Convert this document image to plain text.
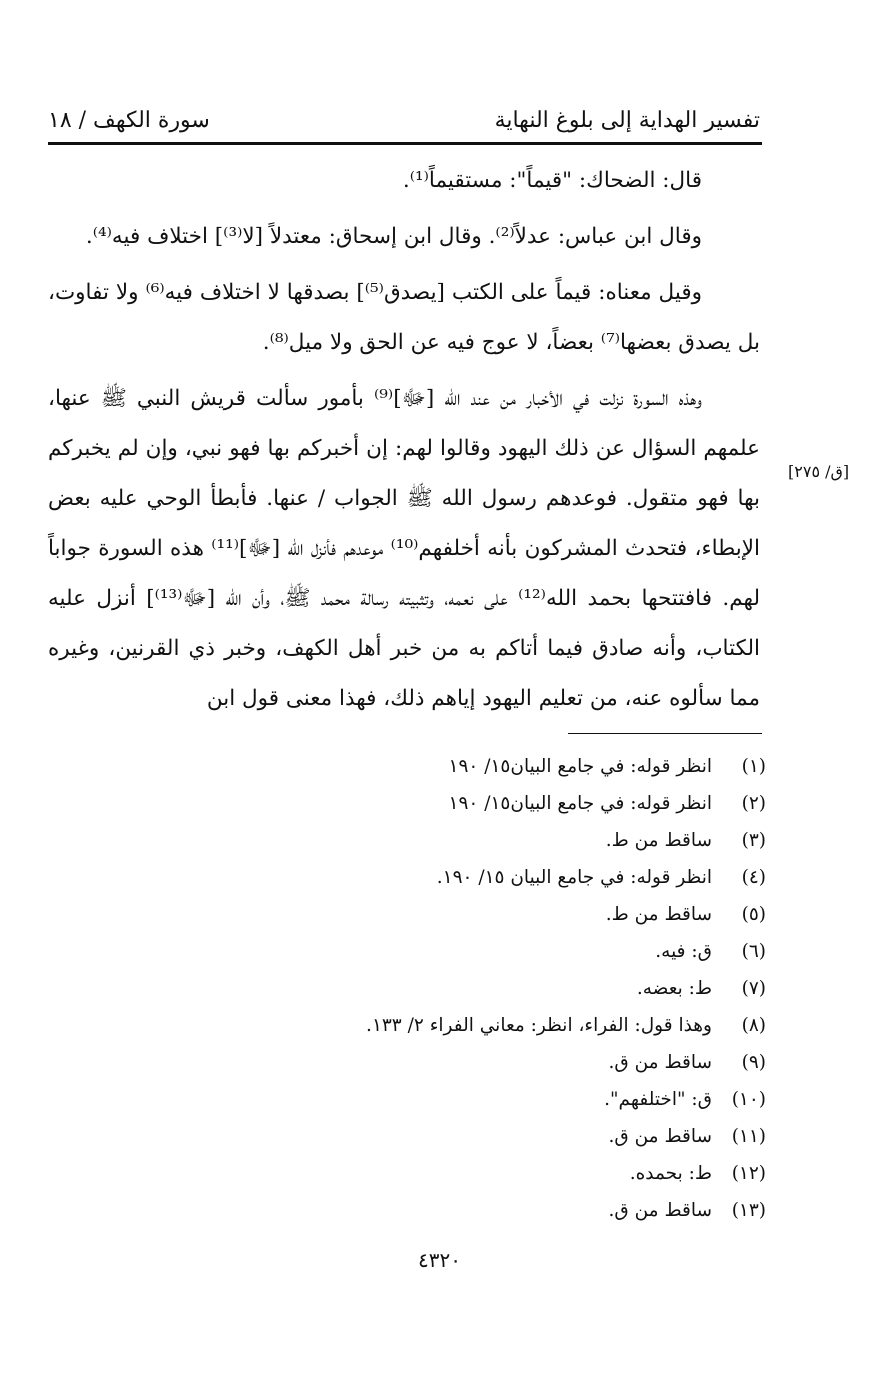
تفسير الهداية إلى بلوغ النهاية
سورة الكهف / ١٨

قال: الضحاك: "قيماً": مستقيماً⁽¹⁾.

وقال ابن عباس: عدلاً⁽²⁾. وقال ابن إسحاق: معتدلاً [لا⁽³⁾] اختلاف فيه⁽⁴⁾.

وقيل معناه: قيماً على الكتب [يصدق⁽⁵⁾] بصدقها لا اختلاف فيه⁽⁶⁾ ولا تفاوت، بل يصدق بعضها⁽⁷⁾ بعضاً، لا عوج فيه عن الحق ولا ميل⁽⁸⁾.

وهذه السورة نزلت في الأخبار من عند الله [ﷻ]⁽⁹⁾ بأمور سألت قريش النبي ﷺ عنها، علمهم السؤال عن ذلك اليهود وقالوا لهم: إن أخبركم بها فهو نبي، وإن لم يخبركم بها فهو متقول. فوعدهم رسول الله ﷺ الجواب / عنها. فأبطأ الوحي عليه بعض الإبطاء، فتحدث المشركون بأنه أخلفهم⁽¹⁰⁾ موعدهم فأنزل الله [ﷻ]⁽¹¹⁾ هذه السورة جواباً لهم. فافتتحها بحمد الله⁽¹²⁾ على نعمه، وتثبيته رسالة محمد ﷺ، وأن الله [ﷻ⁽¹³⁾] أنزل عليه الكتاب، وأنه صادق فيما أتاكم به من خبر أهل الكهف، وخبر ذي القرنين، وغيره مما سألوه عنه، من تعليم اليهود إياهم ذلك، فهذا معنى قول ابن

[ق/ ٢٧٥]
(١)انظر قوله: في جامع البيان١٥/ ١٩٠
(٢)انظر قوله: في جامع البيان١٥/ ١٩٠
(٣)ساقط من ط.
(٤)انظر قوله: في جامع البيان ١٥/ ١٩٠.
(٥)ساقط من ط.
(٦)ق: فيه.
(٧)ط: بعضه.
(٨)وهذا قول: الفراء، انظر: معاني الفراء ٢/ ١٣٣.
(٩)ساقط من ق.
(١٠)ق: "اختلفهم".
(١١)ساقط من ق.
(١٢)ط: بحمده.
(١٣)ساقط من ق.
٤٣٢٠
